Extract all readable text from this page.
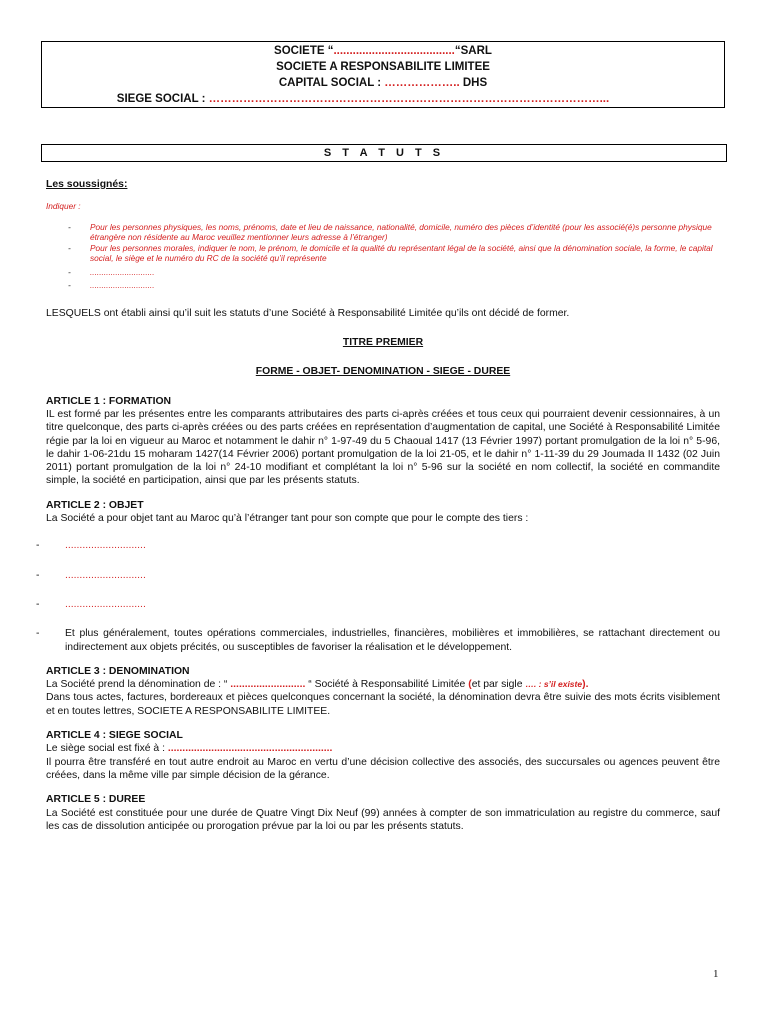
SOCIETE “......................................“SARL
SOCIETE A RESPONSABILITE LIMITEE
CAPITAL SOCIAL : ……………….. DHS
SIEGE SOCIAL : …………………………………………………………………………………………...
S T A T U T S

Les soussignés:

Indiquer :

- Pour les personnes physiques, les noms, prénoms, date et lieu de naissance, nationalité, domicile, numéro des pièces d’identité (pour les associé(é)s personne physique étrangère non résidente au Maroc veuillez mentionner leurs adresse à l’étranger)
- Pour les personnes morales, indiquer le nom, le prénom, le domicile et la qualité du représentant légal de la société, ainsi que la dénomination sociale, la forme, le capital social, le siège et le numéro du RC de la société qu’il représente
- ............................
- ............................

LESQUELS ont établi ainsi qu’il suit les statuts d’une Société à Responsabilité Limitée qu’ils ont décidé de former.

TITRE PREMIER

FORME - OBJET- DENOMINATION - SIEGE - DUREE

ARTICLE 1 : FORMATION

IL est formé par les présentes entre les comparants attributaires des parts ci-après créées et tous ceux qui pourraient devenir cessionnaires, à un titre quelconque, des parts ci-après créées ou des parts créées en représentation d’augmentation de capital, une Société à Responsabilité Limitée régie par la loi en vigueur au Maroc et notamment le dahir n° 1-97-49 du 5 Chaoual 1417 (13 Février 1997) portant promulgation de la loi n° 5-96, le dahir 1-06-21du 15 moharam 1427(14 Février 2006) portant promulgation de la loi 21-05, et le dahir n° 1-11-39 du 29 Joumada II 1432 (02 Juin 2011) portant promulgation de la loi n° 24-10 modifiant et complétant la loi n° 5-96 sur la société en nom collectif, la société en commandite simple, la société en participation, ainsi que par les présents statuts.

ARTICLE 2 : OBJET

La Société a pour objet tant au Maroc qu’à l’étranger tant pour son compte que pour le compte des tiers :

- ............................
- ............................
- ............................
- Et plus généralement, toutes opérations commerciales, industrielles, financières, mobilières et immobilières, se rattachant directement ou indirectement aux objets précités, ou susceptibles de favoriser la réalisation et le développement.

ARTICLE 3 : DENOMINATION

La Société prend la dénomination de : “ .......................... “ Société à Responsabilité Limitée (et par sigle …. : s’il existe).

Dans tous actes, factures, bordereaux et pièces quelconques concernant la société, la dénomination devra être suivie des mots écrits visiblement et en toutes lettres, SOCIETE A RESPONSABILITE LIMITEE.

ARTICLE 4 : SIEGE SOCIAL

Le siège social est fixé à : .........................................................

Il pourra être transféré en tout autre endroit au Maroc en vertu d’une décision collective des associés, des succursales ou agences peuvent être créées, dans la même ville par simple décision de la gérance.

ARTICLE 5 : DUREE

La Société est constituée pour une durée de Quatre Vingt Dix Neuf (99) années à compter de son immatriculation au registre du commerce, sauf les cas de dissolution anticipée ou prorogation prévue par la loi ou par les présents statuts.

1
